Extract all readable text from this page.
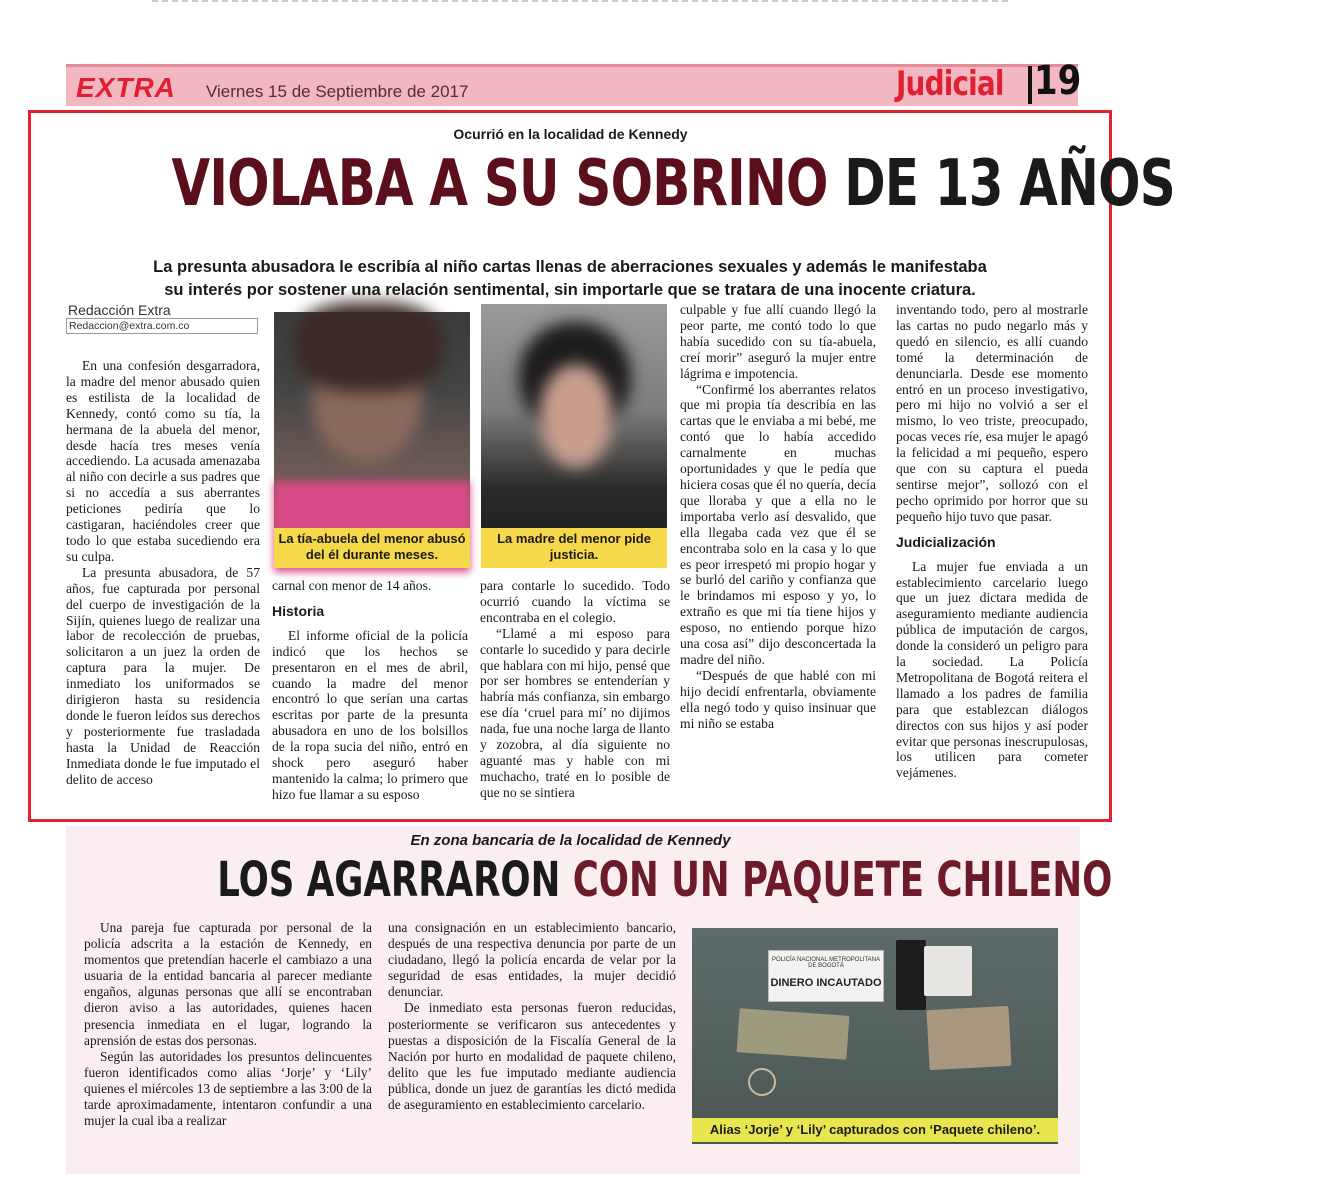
EXTRA Viernes 15 de Septiembre de 2017	Judicial 19
Ocurrió en la localidad de Kennedy
VIOLABA A SU SOBRINO DE 13 AÑOS
La presunta abusadora le escribía al niño cartas llenas de aberraciones sexuales y además le manifestaba
su interés por sostener una relación sentimental, sin importarle que se tratara de una inocente criatura.
Redacción Extra
Redaccion@extra.com.co

En una confesión desgarradora, la madre del menor abusado quien es estilista de la localidad de Kennedy, contó como su tía, la hermana de la abuela del menor, desde hacía tres meses venía accediendo. La acusada amenazaba al niño con decirle a sus padres que si no accedía a sus aberrantes peticiones pediría que lo castigaran, haciéndoles creer que todo lo que estaba sucediendo era su culpa.

La presunta abusadora, de 57 años, fue capturada por personal del cuerpo de investigación de la Sijín, quienes luego de realizar una labor de recolección de pruebas, solicitaron a un juez la orden de captura para la mujer. De inmediato los uniformados se dirigieron hasta su residencia donde le fueron leídos sus derechos y posteriormente fue trasladada hasta la Unidad de Reacción Inmediata donde le fue imputado el delito de acceso

La tía-abuela del menor abusó del él durante meses.
La madre del menor pide justicia.

carnal con menor de 14 años.

Historia

El informe oficial de la policía indicó que los hechos se presentaron en el mes de abril, cuando la madre del menor encontró lo que serían una cartas escritas por parte de la presunta abusadora en uno de los bolsillos de la ropa sucia del niño, entró en shock pero aseguró haber mantenido la calma; lo primero que hizo fue llamar a su esposo

para contarle lo sucedido. Todo ocurrió cuando la víctima se encontraba en el colegio.

“Llamé a mi esposo para contarle lo sucedido y para decirle que hablara con mi hijo, pensé que por ser hombres se entenderían y habría más confianza, sin embargo ese día ‘cruel para mí’ no dijimos nada, fue una noche larga de llanto y zozobra, al día siguiente no aguanté mas y hable con mi muchacho, traté en lo posible de que no se sintiera

culpable y fue allí cuando llegó la peor parte, me contó todo lo que había sucedido con su tía-abuela, creí morir” aseguró la mujer entre lágrima e impotencia.

“Confirmé los aberrantes relatos que mi propia tía describía en las cartas que le enviaba a mi bebé, me contó que lo había accedido carnalmente en muchas oportunidades y que le pedía que hiciera cosas que él no quería, decía que lloraba y que a ella no le importaba verlo así desvalido, que ella llegaba cada vez que él se encontraba solo en la casa y lo que es peor irrespetó mi propio hogar y se burló del cariño y confianza que le brindamos mi esposo y yo, lo extraño es que mi tía tiene hijos y esposo, no entiendo porque hizo una cosa así” dijo desconcertada la madre del niño.

“Después de que hablé con mi hijo decidí enfrentarla, obviamente ella negó todo y quiso insinuar que mi niño se estaba

inventando todo, pero al mostrarle las cartas no pudo negarlo más y quedó en silencio, es allí cuando tomé la determinación de denunciarla. Desde ese momento entró en un proceso investigativo, pero mi hijo no volvió a ser el mismo, lo veo triste, preocupado, pocas veces ríe, esa mujer le apagó la felicidad a mi pequeño, espero que con su captura el pueda sentirse mejor”, sollozó con el pecho oprimido por horror que su pequeño hijo tuvo que pasar.

Judicialización

La mujer fue enviada a un establecimiento carcelario luego que un juez dictara medida de aseguramiento mediante audiencia pública de imputación de cargos, donde la consideró un peligro para la sociedad. La Policía Metropolitana de Bogotá reitera el llamado a los padres de familia para que establezcan diálogos directos con sus hijos y así poder evitar que personas inescrupulosas, los utilicen para cometer vejámenes.

En zona bancaria de la localidad de Kennedy
LOS AGARRARON CON UN PAQUETE CHILENO

Una pareja fue capturada por personal de la policía adscrita a la estación de Kennedy, en momentos que pretendían hacerle el cambiazo a una usuaria de la entidad bancaria al parecer mediante engaños, algunas personas que allí se encontraban dieron aviso a las autoridades, quienes hacen presencia inmediata en el lugar, logrando la aprensión de estas dos personas.

Según las autoridades los presuntos delincuentes fueron identificados como alias ‘Jorje’ y ‘Lily’ quienes el miércoles 13 de septiembre a las 3:00 de la tarde aproximadamente, intentaron confundir a una mujer la cual iba a realizar

una consignación en un establecimiento bancario, después de una respectiva denuncia por parte de un ciudadano, llegó la policía encarda de velar por la seguridad de esas entidades, la mujer decidió denunciar.

De inmediato esta personas fueron reducidas, posteriormente se verificaron sus antecedentes y puestas a disposición de la Fiscalía General de la Nación por hurto en modalidad de paquete chileno, delito que les fue imputado mediante audiencia pública, donde un juez de garantías les dictó medida de aseguramiento en establecimiento carcelario.

POLICÍA NACIONAL METROPOLITANA DE BOGOTÁ
DINERO INCAUTADO
Alias ‘Jorje’ y ‘Lily’ capturados con ‘Paquete chileno’.
